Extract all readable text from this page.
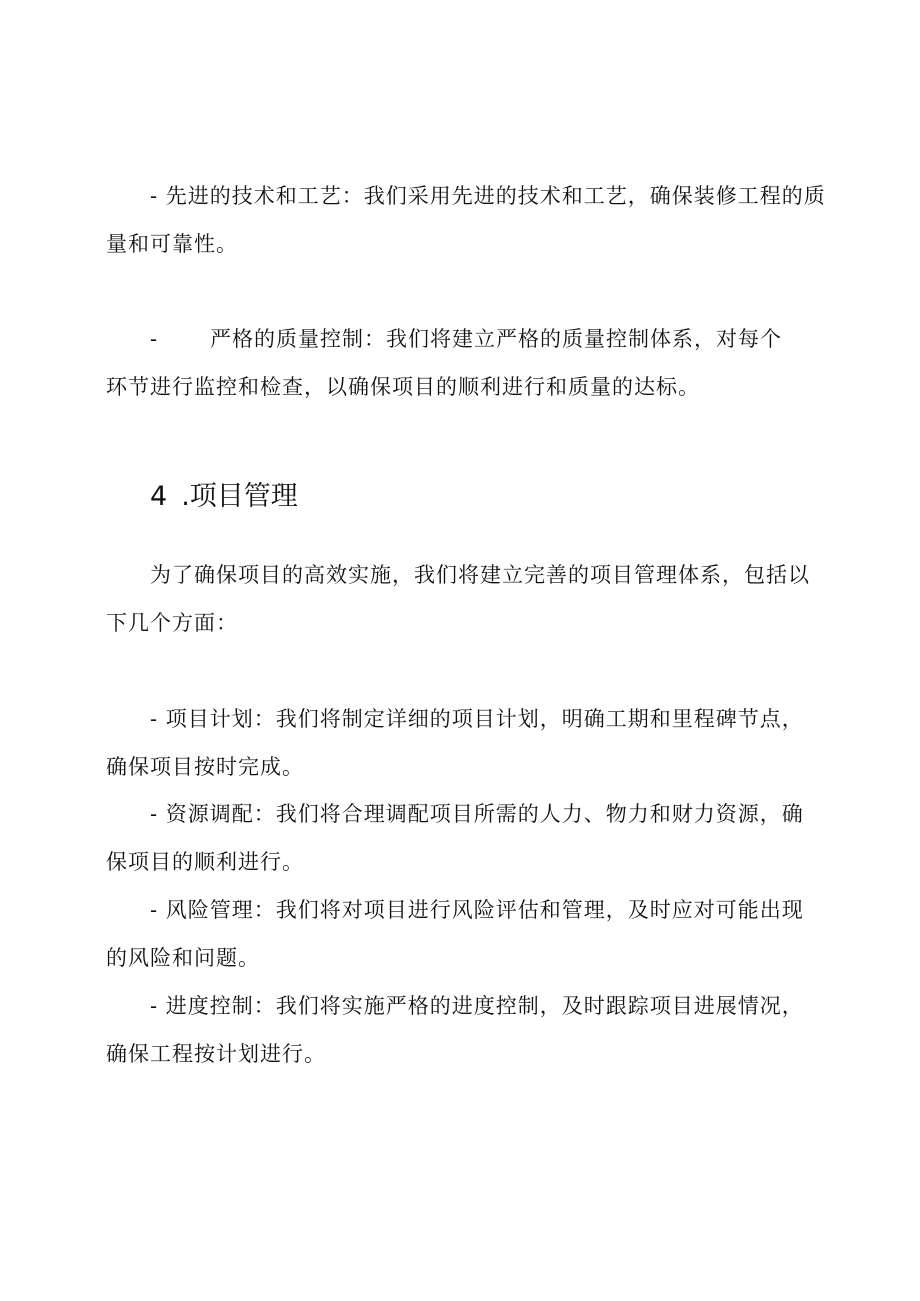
- 先进的技术和工艺：我们采用先进的技术和工艺，确保装修工程的质
量和可靠性。
- 严格的质量控制：我们将建立严格的质量控制体系，对每个
环节进行监控和检查，以确保项目的顺利进行和质量的达标。
4 .项目管理
为了确保项目的高效实施，我们将建立完善的项目管理体系，包括以
下几个方面：
- 项目计划：我们将制定详细的项目计划，明确工期和里程碑节点，
确保项目按时完成。
- 资源调配：我们将合理调配项目所需的人力、物力和财力资源，确
保项目的顺利进行。
- 风险管理：我们将对项目进行风险评估和管理，及时应对可能出现
的风险和问题。
- 进度控制：我们将实施严格的进度控制，及时跟踪项目进展情况，
确保工程按计划进行。
